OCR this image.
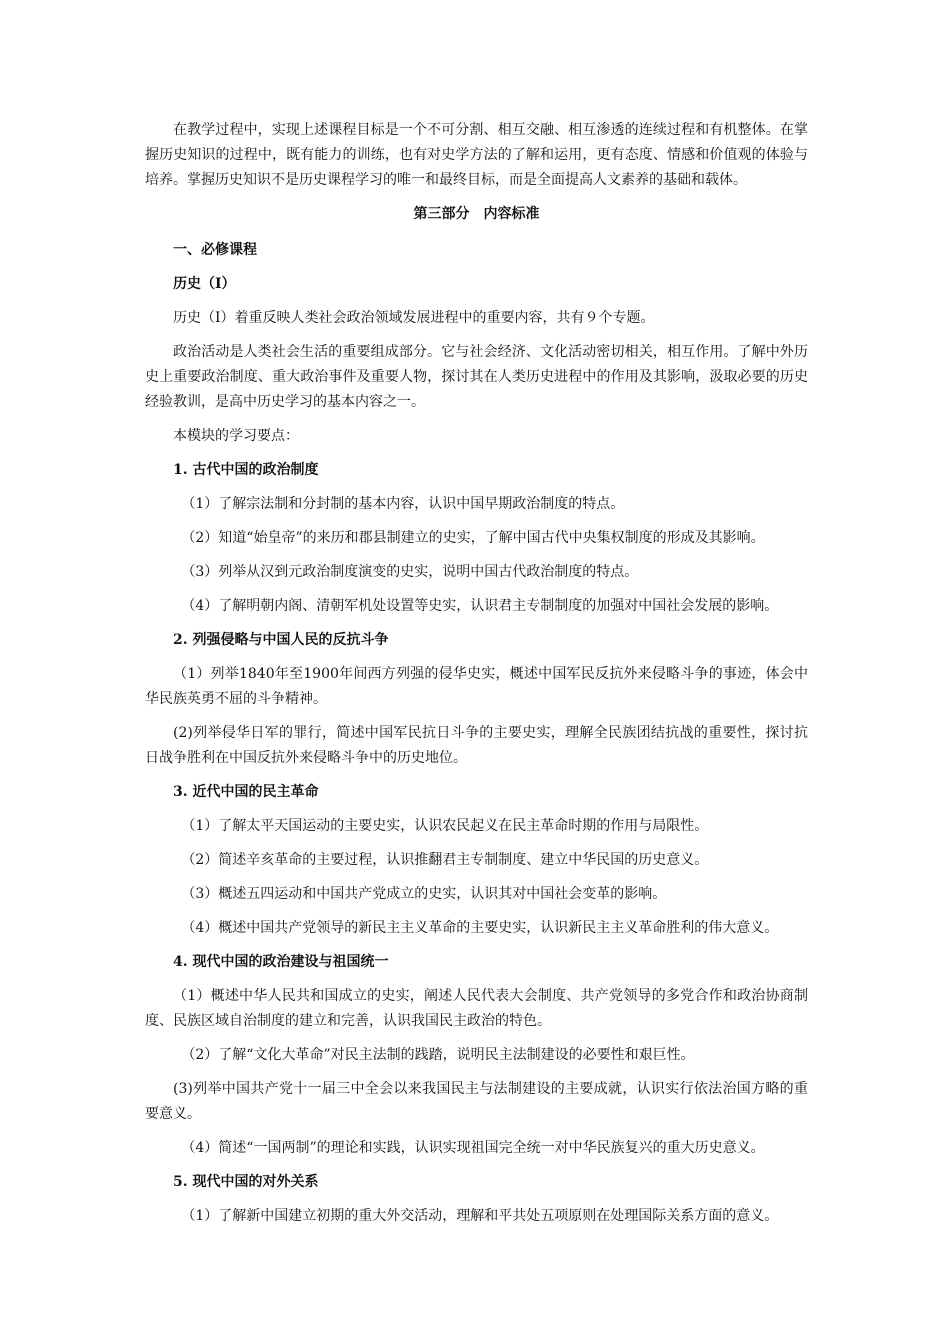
在教学过程中，实现上述课程目标是一个不可分割、相互交融、相互渗透的连续过程和有机整体。在掌握历史知识的过程中，既有能力的训练，也有对史学方法的了解和运用，更有态度、情感和价值观的体验与培养。掌握历史知识不是历史课程学习的唯一和最终目标，而是全面提高人文素养的基础和载体。

第三部分　内容标准
一、必修课程
历史（Ⅰ）

历史（Ⅰ）着重反映人类社会政治领域发展进程中的重要内容，共有９个专题。

政治活动是人类社会生活的重要组成部分。它与社会经济、文化活动密切相关，相互作用。了解中外历史上重要政治制度、重大政治事件及重要人物，探讨其在人类历史进程中的作用及其影响，汲取必要的历史经验教训，是高中历史学习的基本内容之一。

本模块的学习要点：

1. 古代中国的政治制度

（1）了解宗法制和分封制的基本内容，认识中国早期政治制度的特点。

（2）知道“始皇帝”的来历和郡县制建立的史实，了解中国古代中央集权制度的形成及其影响。

（3）列举从汉到元政治制度演变的史实，说明中国古代政治制度的特点。

（4）了解明朝内阁、清朝军机处设置等史实，认识君主专制制度的加强对中国社会发展的影响。

2. 列强侵略与中国人民的反抗斗争

（1）列举1840年至1900年间西方列强的侵华史实，概述中国军民反抗外来侵略斗争的事迹，体会中华民族英勇不屈的斗争精神。

(2)列举侵华日军的罪行，简述中国军民抗日斗争的主要史实，理解全民族团结抗战的重要性，探讨抗日战争胜利在中国反抗外来侵略斗争中的历史地位。

3. 近代中国的民主革命

（1）了解太平天国运动的主要史实，认识农民起义在民主革命时期的作用与局限性。

（2）简述辛亥革命的主要过程，认识推翻君主专制制度、建立中华民国的历史意义。

（3）概述五四运动和中国共产党成立的史实，认识其对中国社会变革的影响。

（4）概述中国共产党领导的新民主主义革命的主要史实，认识新民主主义革命胜利的伟大意义。

4. 现代中国的政治建设与祖国统一

（1）概述中华人民共和国成立的史实，阐述人民代表大会制度、共产党领导的多党合作和政治协商制度、民族区域自治制度的建立和完善，认识我国民主政治的特色。

（2）了解“文化大革命”对民主法制的践踏，说明民主法制建设的必要性和艰巨性。

(3)列举中国共产党十一届三中全会以来我国民主与法制建设的主要成就，认识实行依法治国方略的重要意义。

（4）简述“一国两制”的理论和实践，认识实现祖国完全统一对中华民族复兴的重大历史意义。

5. 现代中国的对外关系

（1）了解新中国建立初期的重大外交活动，理解和平共处五项原则在处理国际关系方面的意义。
